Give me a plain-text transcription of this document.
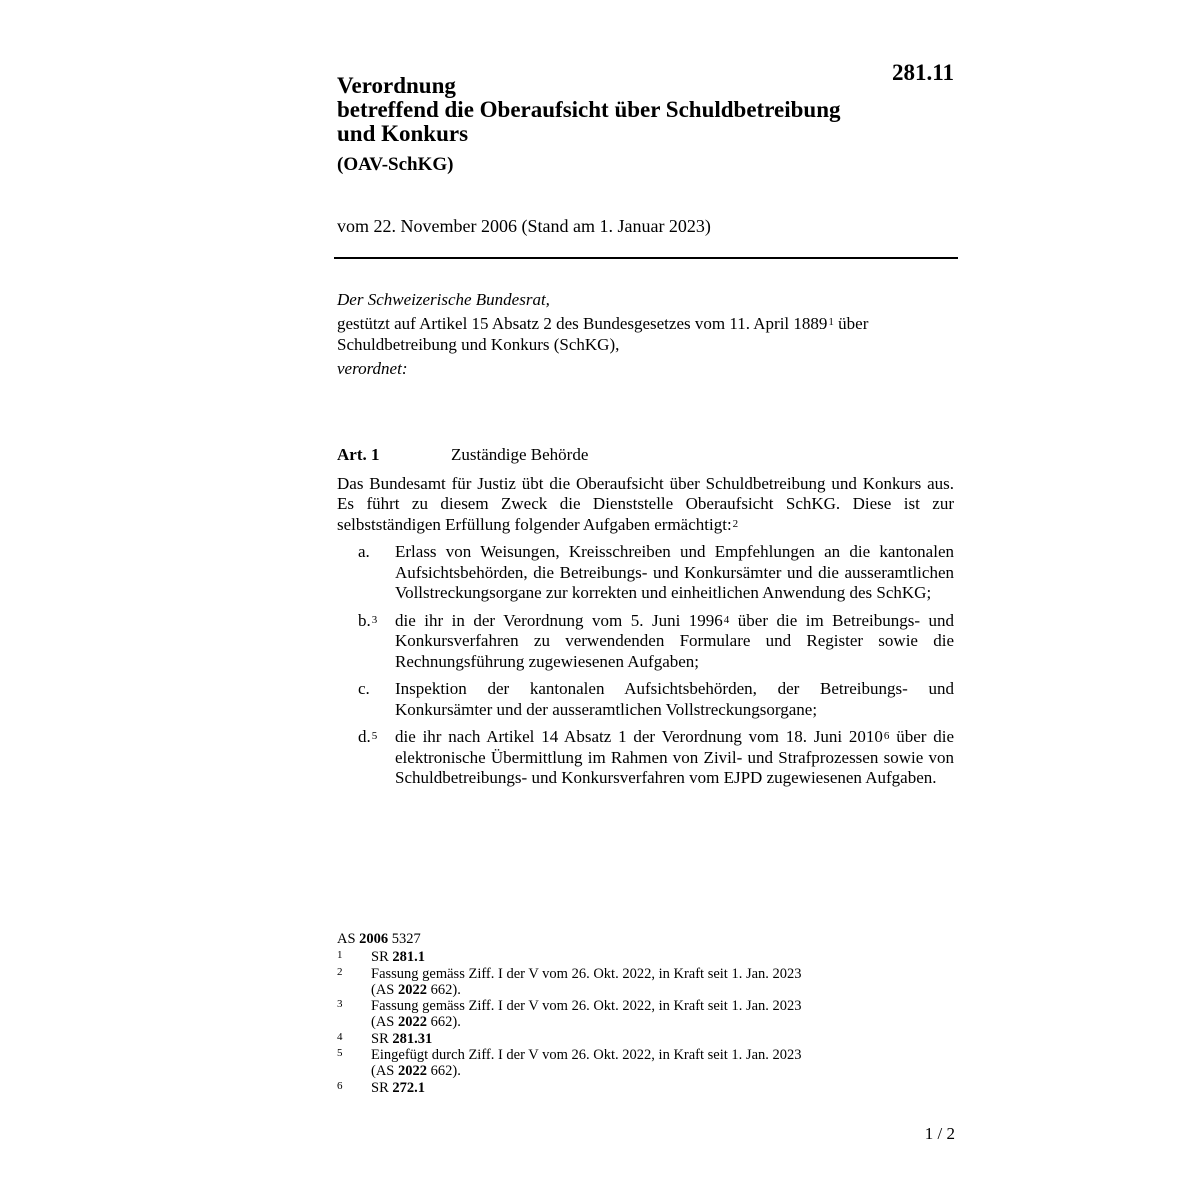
281.11
Verordnung
betreffend die Oberaufsicht über Schuldbetreibung
und Konkurs
(OAV-SchKG)
vom 22. November 2006 (Stand am 1. Januar 2023)

Der Schweizerische Bundesrat,

gestützt auf Artikel 15 Absatz 2 des Bundesgesetzes vom 11. April 1889$^1$ über Schuldbetreibung und Konkurs (SchKG),

verordnet:

Art. 1	Zuständige Behörde

Das Bundesamt für Justiz übt die Oberaufsicht über Schuldbetreibung und Konkurs aus. Es führt zu diesem Zweck die Dienststelle Oberaufsicht SchKG. Diese ist zur selbstständigen Erfüllung folgender Aufgaben ermächtigt:$^2$

a.	Erlass von Weisungen, Kreisschreiben und Empfehlungen an die kantonalen Aufsichtsbehörden, die Betreibungs- und Konkursämter und die ausseramtlichen Vollstreckungsorgane zur korrekten und einheitlichen Anwendung des SchKG;
b.$^3$	die ihr in der Verordnung vom 5. Juni 1996$^4$ über die im Betreibungs- und Konkursverfahren zu verwendenden Formulare und Register sowie die Rechnungsführung zugewiesenen Aufgaben;
c.	Inspektion der kantonalen Aufsichtsbehörden, der Betreibungs- und Konkursämter und der ausseramtlichen Vollstreckungsorgane;
d.$^5$	die ihr nach Artikel 14 Absatz 1 der Verordnung vom 18. Juni 2010$^6$ über die elektronische Übermittlung im Rahmen von Zivil- und Strafprozessen sowie von Schuldbetreibungs- und Konkursverfahren vom EJPD zugewiesenen Aufgaben.
AS 2006 5327
1	SR 281.1
2	Fassung gemäss Ziff. I der V vom 26. Okt. 2022, in Kraft seit 1. Jan. 2023
(AS 2022 662).
3	Fassung gemäss Ziff. I der V vom 26. Okt. 2022, in Kraft seit 1. Jan. 2023
(AS 2022 662).
4	SR 281.31
5	Eingefügt durch Ziff. I der V vom 26. Okt. 2022, in Kraft seit 1. Jan. 2023
(AS 2022 662).
6	SR 272.1
1 / 2
